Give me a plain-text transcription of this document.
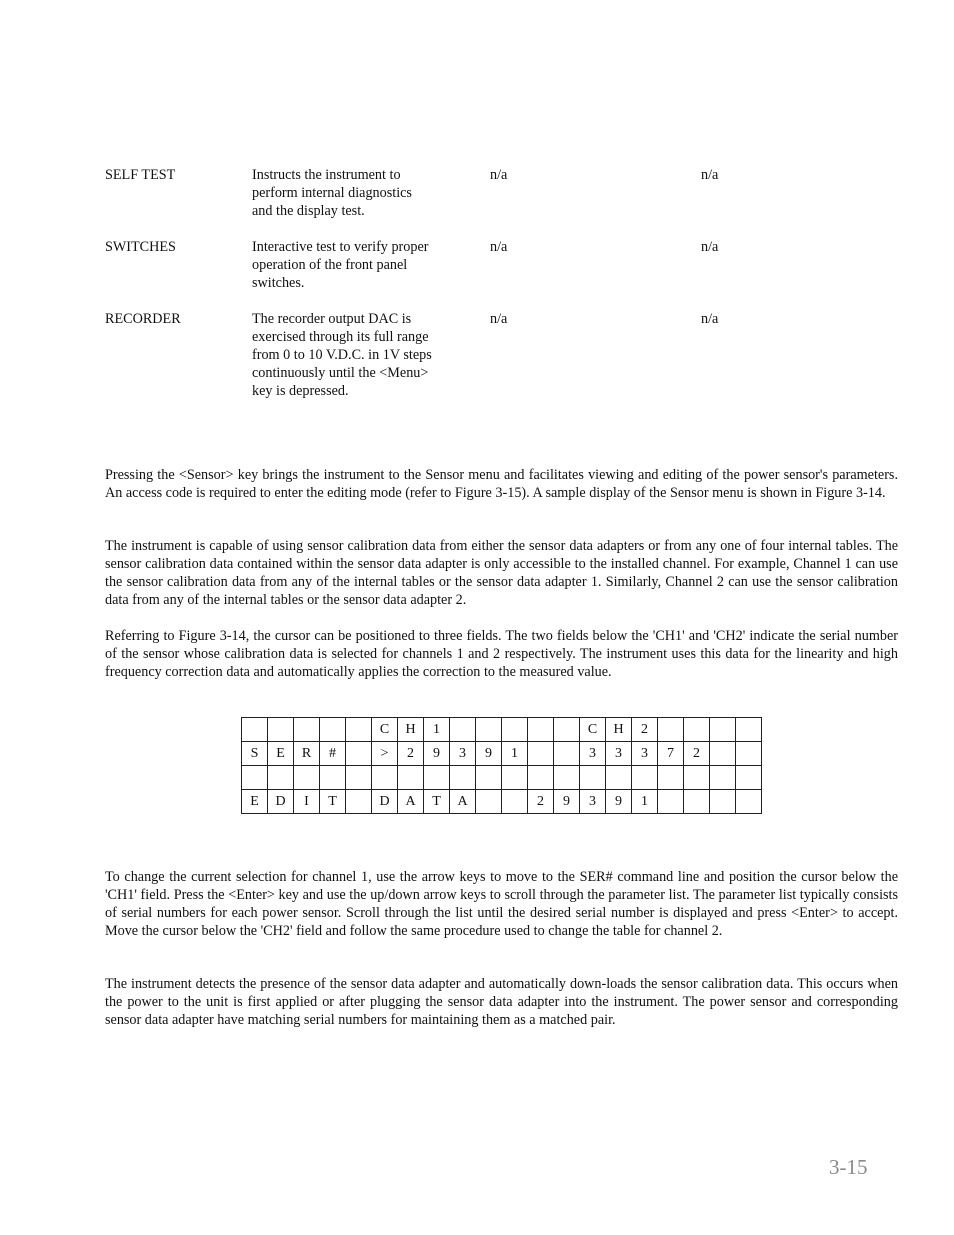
SELF TEST	Instructs the instrument to
perform internal diagnostics
and the display test.
n/a	n/a
SWITCHES	Interactive test to verify proper
operation of the front panel
switches.
n/a	n/a
RECORDER	The recorder output DAC is
exercised through its full range
from 0 to 10 V.D.C. in 1V steps
continuously until the <Menu>
key is depressed.
n/a	n/a

Pressing the <Sensor> key brings the instrument to the Sensor menu and facilitates viewing and editing of the power sensor's parameters. An access code is required to enter the editing mode (refer to Figure 3-15). A sample display of the Sensor menu is shown in Figure 3-14.

The instrument is capable of using sensor calibration data from either the sensor data adapters or from any one of four internal tables. The sensor calibration data contained within the sensor data adapter is only accessible to the installed channel. For example, Channel 1 can use the sensor calibration data from any of the internal tables or the sensor data adapter 1. Similarly, Channel 2 can use the sensor calibration data from any of the internal tables or the sensor data adapter 2.

Referring to Figure 3-14, the cursor can be positioned to three fields. The two fields below the 'CH1' and 'CH2' indicate the serial number of the sensor whose calibration data is selected for channels 1 and 2 respectively. The instrument uses this data for the linearity and high frequency correction data and automatically applies the correction to the measured value.

					C	H	1						C	H	2				
S	E	R	#		>	2	9	3	9	1			3	3	3	7	2		

E	D	I	T		D	A	T	A			2	9	3	9	1				

To change the current selection for channel 1, use the arrow keys to move to the SER# command line and position the cursor below the 'CH1' field. Press the <Enter> key and use the up/down arrow keys to scroll through the parameter list. The parameter list typically consists of serial numbers for each power sensor. Scroll through the list until the desired serial number is displayed and press <Enter> to accept. Move the cursor below the 'CH2' field and follow the same procedure used to change the table for channel 2.

The instrument detects the presence of the sensor data adapter and automatically down-loads the sensor calibration data. This occurs when the power to the unit is first applied or after plugging the sensor data adapter into the instrument. The power sensor and corresponding sensor data adapter have matching serial numbers for maintaining them as a matched pair.

3-15
